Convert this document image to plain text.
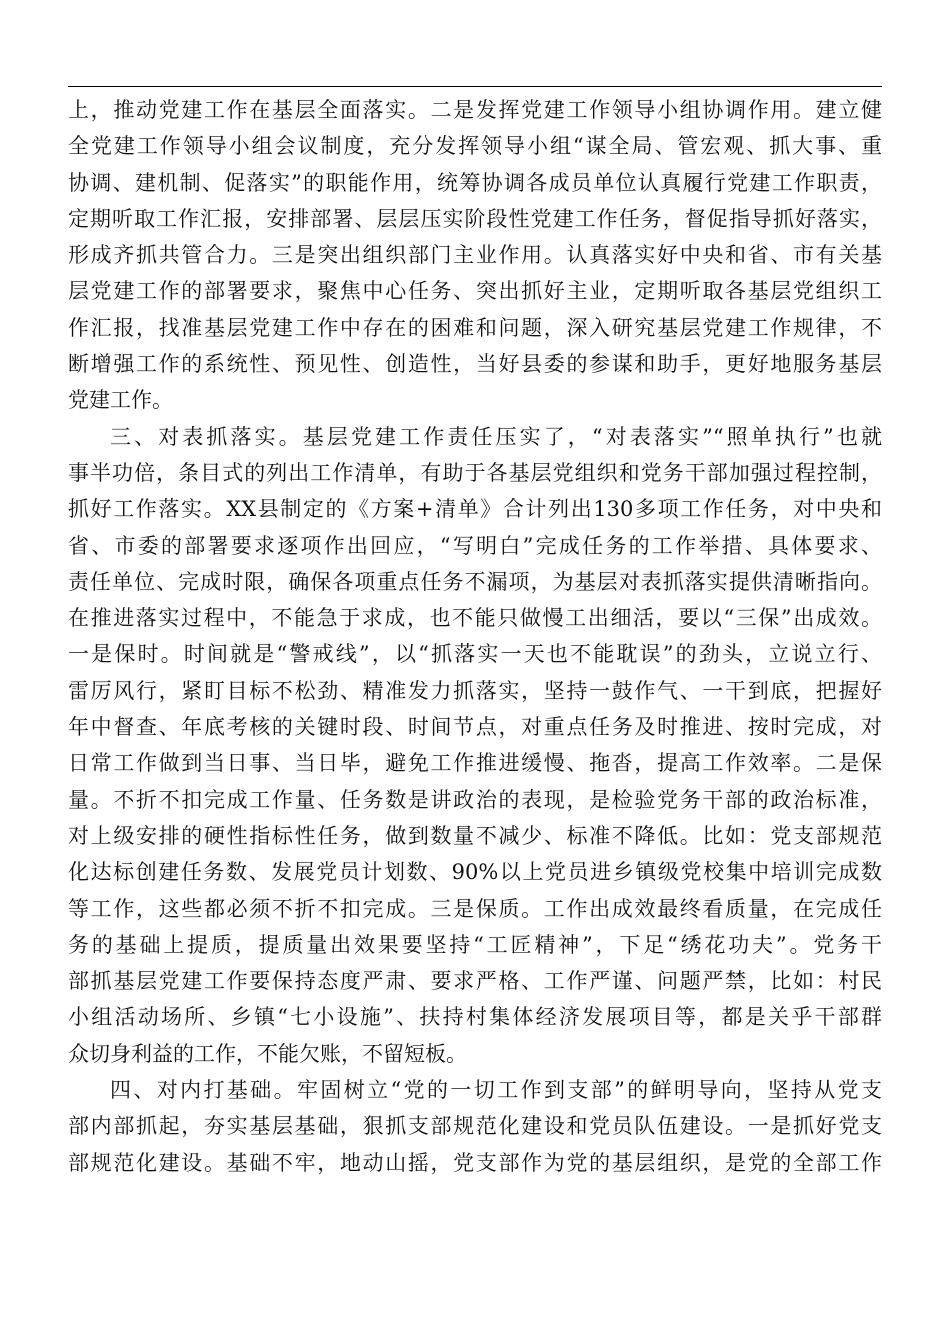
上，推动党建工作在基层全面落实。二是发挥党建工作领导小组协调作用。建立健
全党建工作领导小组会议制度，充分发挥领导小组“谋全局、管宏观、抓大事、重
协调、建机制、促落实”的职能作用，统筹协调各成员单位认真履行党建工作职责，
定期听取工作汇报，安排部署、层层压实阶段性党建工作任务，督促指导抓好落实，
形成齐抓共管合力。三是突出组织部门主业作用。认真落实好中央和省、市有关基
层党建工作的部署要求，聚焦中心任务、突出抓好主业，定期听取各基层党组织工
作汇报，找准基层党建工作中存在的困难和问题，深入研究基层党建工作规律，不
断增强工作的系统性、预见性、创造性，当好县委的参谋和助手，更好地服务基层
党建工作。
三、对表抓落实。基层党建工作责任压实了，“对表落实”“照单执行”也就
事半功倍，条目式的列出工作清单，有助于各基层党组织和党务干部加强过程控制，
抓好工作落实。XX县制定的《方案+清单》合计列出130多项工作任务，对中央和
省、市委的部署要求逐项作出回应，“写明白”完成任务的工作举措、具体要求、
责任单位、完成时限，确保各项重点任务不漏项，为基层对表抓落实提供清晰指向。
在推进落实过程中，不能急于求成，也不能只做慢工出细活，要以“三保”出成效。
一是保时。时间就是“警戒线”，以“抓落实一天也不能耽误”的劲头，立说立行、
雷厉风行，紧盯目标不松劲、精准发力抓落实，坚持一鼓作气、一干到底，把握好
年中督查、年底考核的关键时段、时间节点，对重点任务及时推进、按时完成，对
日常工作做到当日事、当日毕，避免工作推进缓慢、拖沓，提高工作效率。二是保
量。不折不扣完成工作量、任务数是讲政治的表现，是检验党务干部的政治标准，
对上级安排的硬性指标性任务，做到数量不减少、标准不降低。比如：党支部规范
化达标创建任务数、发展党员计划数、90%以上党员进乡镇级党校集中培训完成数
等工作，这些都必须不折不扣完成。三是保质。工作出成效最终看质量，在完成任
务的基础上提质，提质量出效果要坚持“工匠精神”，下足“绣花功夫”。党务干
部抓基层党建工作要保持态度严肃、要求严格、工作严谨、问题严禁，比如：村民
小组活动场所、乡镇“七小设施”、扶持村集体经济发展项目等，都是关乎干部群
众切身利益的工作，不能欠账，不留短板。
四、对内打基础。牢固树立“党的一切工作到支部”的鲜明导向，坚持从党支
部内部抓起，夯实基层基础，狠抓支部规范化建设和党员队伍建设。一是抓好党支
部规范化建设。基础不牢，地动山摇，党支部作为党的基层组织，是党的全部工作
